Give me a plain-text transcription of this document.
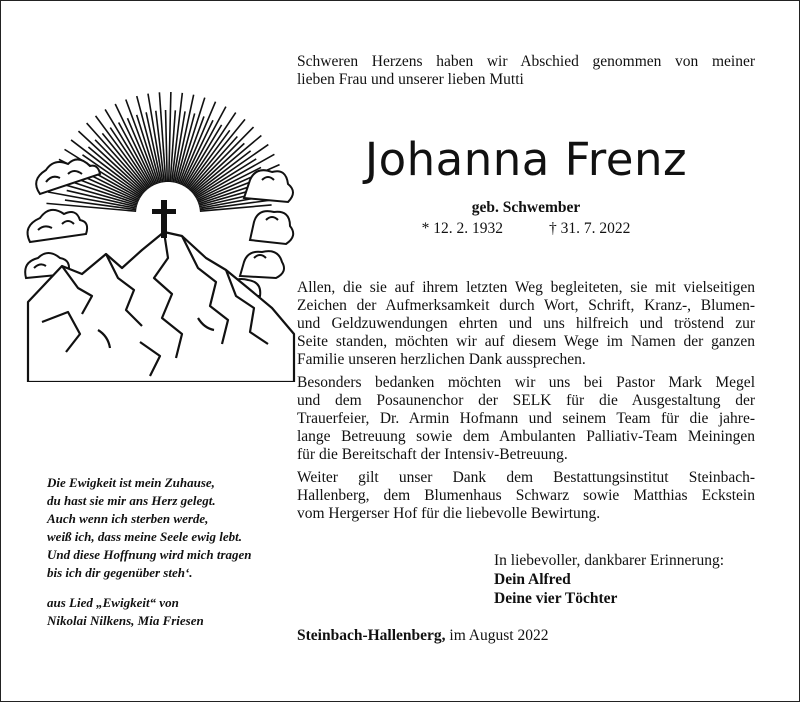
Schweren Herzens haben wir Abschied genommen von meiner
lieben Frau und unserer lieben Mutti
Johanna Frenz
geb. Schwember
* 12. 2. 1932	† 31. 7. 2022

Allen, die sie auf ihrem letzten Weg begleiteten, sie mit vielseitigen
Zeichen der Aufmerksamkeit durch Wort, Schrift, Kranz-, Blumen-
und Geldzuwendungen ehrten und uns hilfreich und tröstend zur
Seite standen, möchten wir auf diesem Wege im Namen der ganzen
Familie unseren herzlichen Dank aussprechen.

Besonders bedanken möchten wir uns bei Pastor Mark Megel
und dem Posaunenchor der SELK für die Ausgestaltung der
Trauerfeier, Dr. Armin Hofmann und seinem Team für die jahre-
lange Betreuung sowie dem Ambulanten Palliativ-Team Meiningen
für die Bereitschaft der Intensiv-Betreuung.

Weiter gilt unser Dank dem Bestattungsinstitut Steinbach-
Hallenberg, dem Blumenhaus Schwarz sowie Matthias Eckstein
vom Hergerser Hof für die liebevolle Bewirtung.

In liebevoller, dankbarer Erinnerung:
Dein Alfred
Deine vier Töchter
Steinbach-Hallenberg, im August 2022
Die Ewigkeit ist mein Zuhause,
du hast sie mir ans Herz gelegt.
Auch wenn ich sterben werde,
weiß ich, dass meine Seele ewig lebt.
Und diese Hoffnung wird mich tragen
bis ich dir gegenüber steh‘.
aus Lied „Ewigkeit“ von
Nikolai Nilkens, Mia Friesen
